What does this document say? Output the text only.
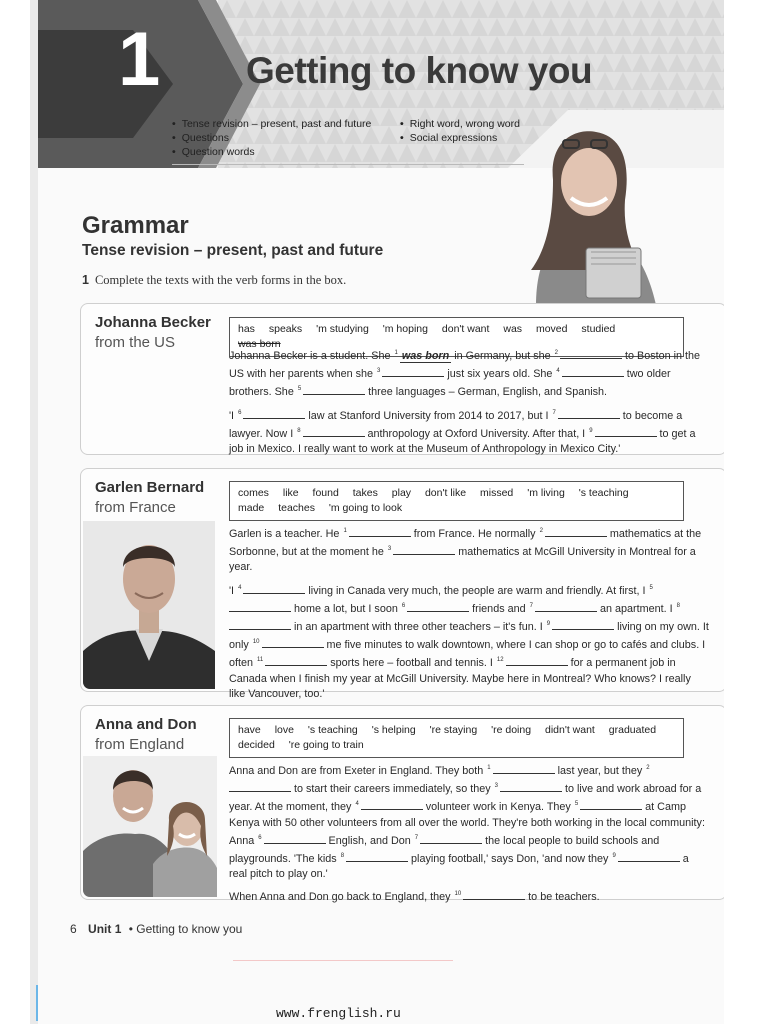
1 Getting to know you
• Tense revision – present, past and future
• Questions
• Question words
• Right word, wrong word
• Social expressions
Grammar
Tense revision – present, past and future
1 Complete the texts with the verb forms in the box.
Johanna Becker
from the US
has speaks 'm studying 'm hoping don't want was moved studied was born

Johanna Becker is a student. She $^1$ was born in Germany, but she $^2$	to Boston in the US with her parents when she $^3$	just six years old. She $^4$	two older brothers. She $^5$	three languages – German, English, and Spanish.

'I $^6$	law at Stanford University from 2014 to 2017, but I $^7$	to become a lawyer. Now I $^8$	anthropology at Oxford University. After that, I $^9$	to get a job in Mexico. I really want to work at the Museum of Anthropology in Mexico City.'

Garlen Bernard
from France
comes like found takes play don't like missed 'm living 's teaching made teaches 'm going to look

Garlen is a teacher. He $^1$	from France. He normally $^2$	mathematics at the Sorbonne, but at the moment he $^3$	mathematics at McGill University in Montreal for a year.

'I $^4$	living in Canada very much, the people are warm and friendly. At first, I $^5$ home a lot, but I soon $^6$	friends and $^7$	an apartment. I $^8$ in an apartment with three other teachers – it's fun. I $^9$	living on my own. It only $^{10}$	me five minutes to walk downtown, where I can shop or go to cafés and clubs. I often $^{11}$	sports here – football and tennis. I $^{12}$	for a permanent job in Canada when I finish my year at McGill University. Maybe here in Montreal? Who knows? I really like Vancouver, too.'

Anna and Don
from England
have love 's teaching 's helping 're staying 're doing didn't want graduated decided 're going to train

Anna and Don are from Exeter in England. They both $^1$	last year, but they $^2$ to start their careers immediately, so they $^3$	to live and work abroad for a year. At the moment, they $^4$	volunteer work in Kenya. They $^5$	at Camp Kenya with 50 other volunteers from all over the world. They're both working in the local community: Anna $^6$	English, and Don $^7$	the local people to build schools and playgrounds. 'The kids $^8$	playing football,' says Don, 'and now they $^9$	a real pitch to play on.'

When Anna and Don go back to England, they $^{10}$	to be teachers.

6 Unit 1 • Getting to know you
www.frenglish.ru
